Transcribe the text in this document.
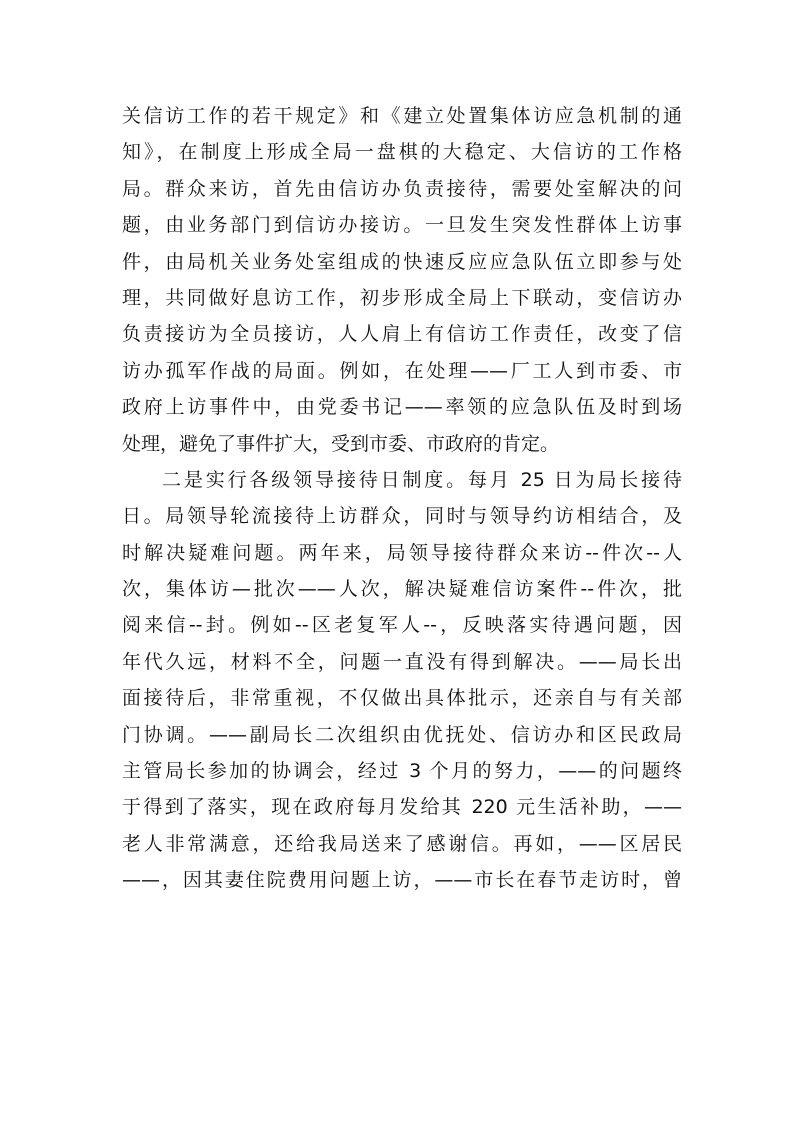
关信访工作的若干规定》和《建立处置集体访应急机制的通
知》，在制度上形成全局一盘棋的大稳定、大信访的工作格
局。群众来访，首先由信访办负责接待，需要处室解决的问
题，由业务部门到信访办接访。一旦发生突发性群体上访事
件，由局机关业务处室组成的快速反应应急队伍立即参与处
理，共同做好息访工作，初步形成全局上下联动，变信访办
负责接访为全员接访，人人肩上有信访工作责任，改变了信
访办孤军作战的局面。例如，在处理——厂工人到市委、市
政府上访事件中，由党委书记——率领的应急队伍及时到场
处理，避免了事件扩大，受到市委、市政府的肯定。
二是实行各级领导接待日制度。每月 25 日为局长接待
日。局领导轮流接待上访群众，同时与领导约访相结合，及
时解决疑难问题。两年来，局领导接待群众来访--件次--人
次，集体访—批次——人次，解决疑难信访案件--件次，批
阅来信--封。例如--区老复军人--，反映落实待遇问题，因
年代久远，材料不全，问题一直没有得到解决。——局长出
面接待后，非常重视，不仅做出具体批示，还亲自与有关部
门协调。——副局长二次组织由优抚处、信访办和区民政局
主管局长参加的协调会，经过 3 个月的努力，——的问题终
于得到了落实，现在政府每月发给其 220 元生活补助，——
老人非常满意，还给我局送来了感谢信。再如，——区居民
——，因其妻住院费用问题上访，——市长在春节走访时，曾
